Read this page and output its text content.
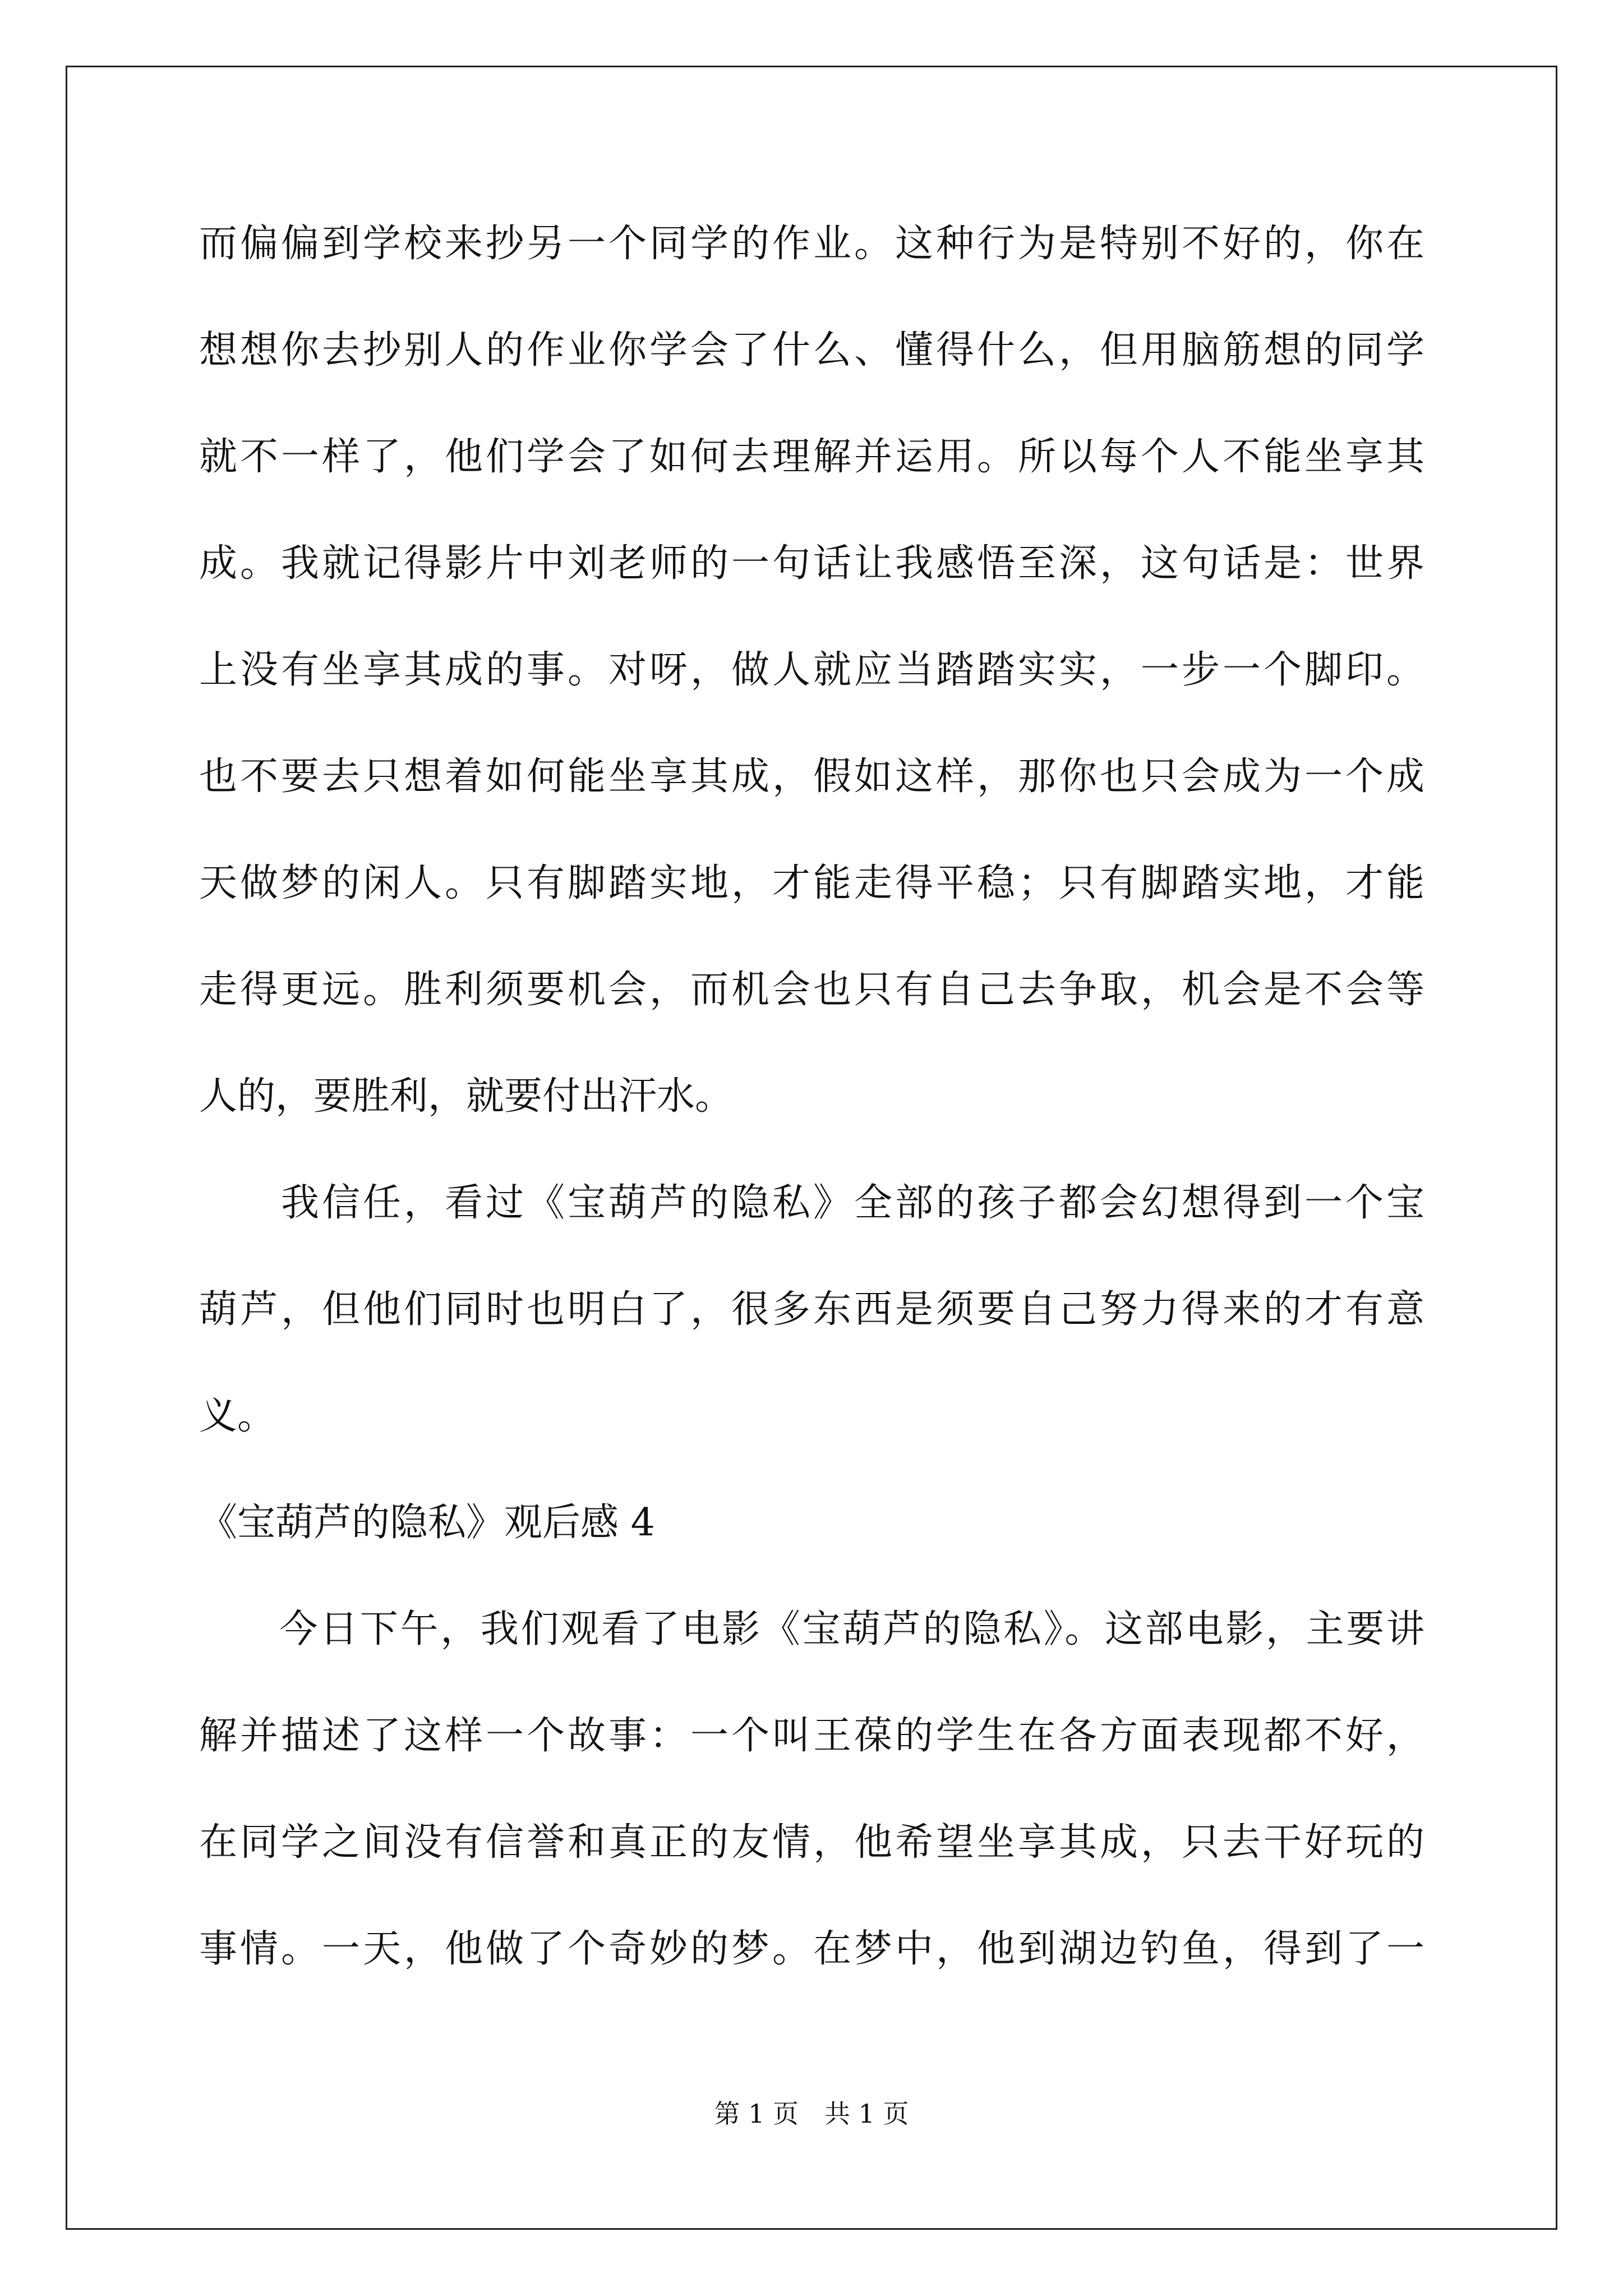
而偏偏到学校来抄另一个同学的作业。这种行为是特别不好的，你在
想想你去抄别人的作业你学会了什么、懂得什么，但用脑筋想的同学
就不一样了，他们学会了如何去理解并运用。所以每个人不能坐享其
成。我就记得影片中刘老师的一句话让我感悟至深，这句话是：世界
上没有坐享其成的事。对呀，做人就应当踏踏实实，一步一个脚印。
也不要去只想着如何能坐享其成，假如这样，那你也只会成为一个成
天做梦的闲人。只有脚踏实地，才能走得平稳；只有脚踏实地，才能
走得更远。胜利须要机会，而机会也只有自己去争取，机会是不会等
人的，要胜利，就要付出汗水。
　　我信任，看过《宝葫芦的隐私》全部的孩子都会幻想得到一个宝
葫芦，但他们同时也明白了，很多东西是须要自己努力得来的才有意
义。
《宝葫芦的隐私》观后感 4
　　今日下午，我们观看了电影《宝葫芦的隐私》。这部电影，主要讲
解并描述了这样一个故事：一个叫王葆的学生在各方面表现都不好，
在同学之间没有信誉和真正的友情，他希望坐享其成，只去干好玩的
事情。一天，他做了个奇妙的梦。在梦中，他到湖边钓鱼，得到了一
第 1 页　共 1 页
